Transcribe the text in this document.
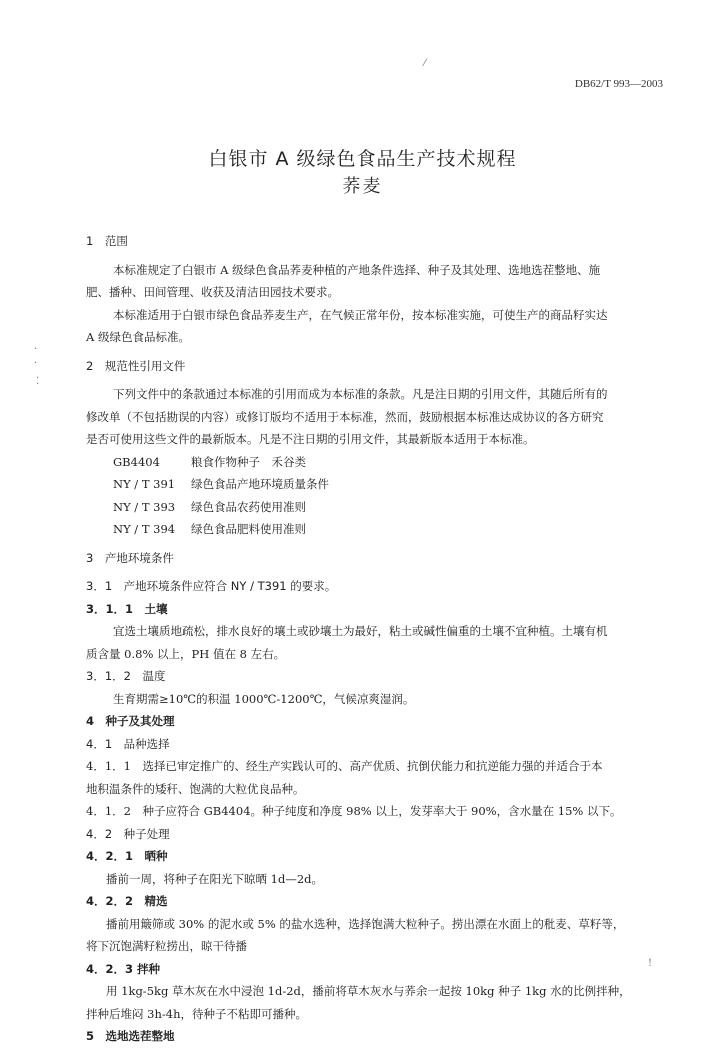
⁄
·
·
⁚
!
DB62/T 993—2003
白银市 A 级绿色食品生产技术规程
荞麦
1　范围
本标准规定了白银市 A 级绿色食品荞麦种植的产地条件选择、种子及其处理、选地选茬整地、施
肥、播种、田间管理、收获及清洁田园技术要求。
本标准适用于白银市绿色食品荞麦生产，在气候正常年份，按本标准实施，可使生产的商品籽实达
A 级绿色食品标准。
2　规范性引用文件
下列文件中的条款通过本标准的引用而成为本标准的条款。凡是注日期的引用文件，其随后所有的
修改单（不包括勘误的内容）或修订版均不适用于本标准，然而，鼓励根据本标准达成协议的各方研究
是否可使用这些文件的最新版本。凡是不注日期的引用文件，其最新版本适用于本标准。
GB4404	粮食作物种子　禾谷类
NY / T 391 绿色食品产地环境质量条件
NY / T 393 绿色食品农药使用准则
NY / T 394 绿色食品肥料使用准则
3　产地环境条件
3．1　产地环境条件应符合 NY / T391 的要求。
3．1．1　土壤
宜选土壤质地疏松，排水良好的壤土或砂壤土为最好，粘土或碱性偏重的土壤不宜种植。土壤有机
质含量 0.8% 以上，PH 值在 8 左右。
3．1．2　温度
生育期需≥10℃的积温 1000℃-1200℃，气候凉爽湿润。
4　种子及其处理
4．1　品种选择
4．1．1　选择已审定推广的、经生产实践认可的、高产优质、抗倒伏能力和抗逆能力强的并适合于本
地积温条件的矮秆、饱满的大粒优良品种。
4．1．2　种子应符合 GB4404。种子纯度和净度 98% 以上，发芽率大于 90%，含水量在 15% 以下。
4．2　种子处理
4．2．1　晒种
播前一周，将种子在阳光下晾晒 1d—2d。
4．2．2　精选
播前用簸筛或 30% 的泥水或 5% 的盐水选种，选择饱满大粒种子。捞出漂在水面上的秕麦、草籽等，
将下沉饱满籽粒捞出，晾干待播
4．2．3 拌种
用 1kg-5kg 草木灰在水中浸泡 1d-2d，播前将草木灰水与荞余一起按 10kg 种子 1kg 水的比例拌种，
拌种后堆闷 3h-4h，待种子不粘即可播种。
5　选地选茬整地
